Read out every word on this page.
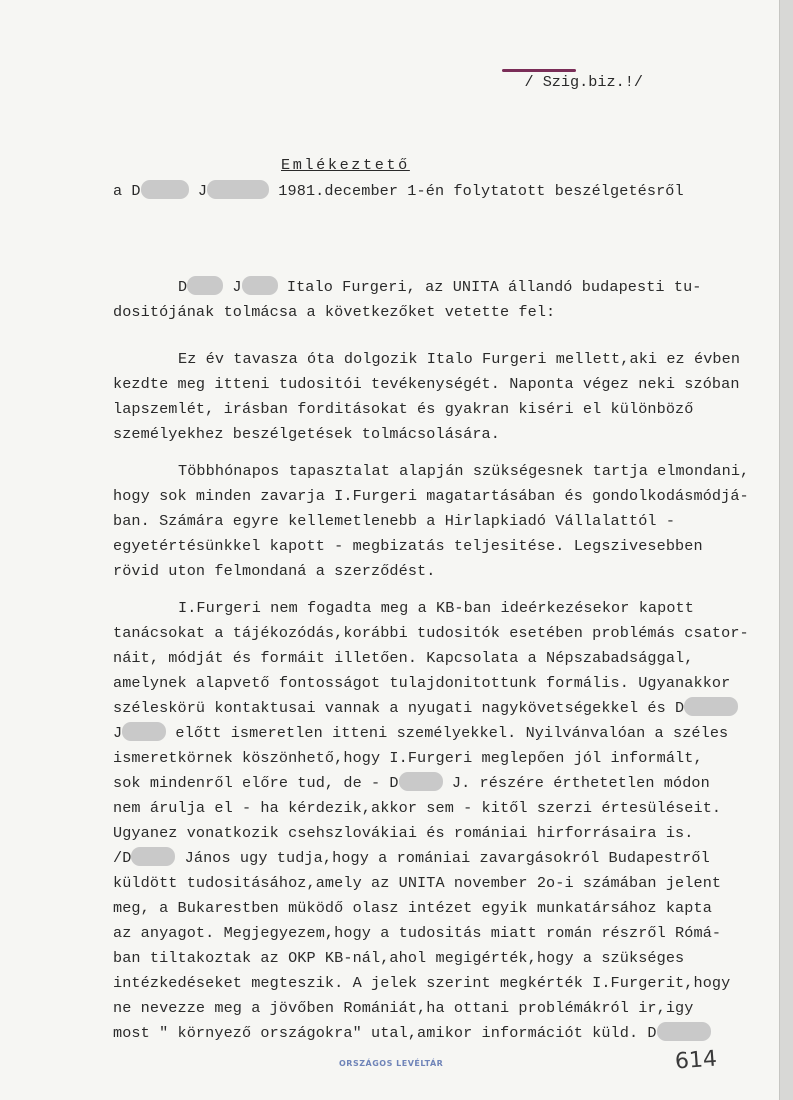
/ Szig.biz.!/

Emlékeztető
a D	J	1981.december 1-én folytatott beszélgetésről
D J Italo Furgeri, az UNITA állandó budapesti tu-
dositójának tolmácsa a következőket vetette fel:
Ez év tavasza óta dolgozik Italo Furgeri mellett,aki ez évben
kezdte meg itteni tudositói tevékenységét. Naponta végez neki szóban
lapszemlét, irásban forditásokat és gyakran kiséri el különböző
személyekhez beszélgetések tolmácsolására.
Többhónapos tapasztalat alapján szükségesnek tartja elmondani,
hogy sok minden zavarja I.Furgeri magatartásában és gondolkodásmódjá-
ban. Számára egyre kellemetlenebb a Hirlapkiadó Vállalattól -
egyetértésünkkel kapott - megbizatás teljesitése. Legszivesebben
rövid uton felmondaná a szerződést.
I.Furgeri nem fogadta meg a KB-ban ideérkezésekor kapott
tanácsokat a tájékozódás,korábbi tudositók esetében problémás csator-
náit, módját és formáit illetően. Kapcsolata a Népszabadsággal,
amelynek alapvető fontosságot tulajdonitottunk formális. Ugyanakkor
széleskörü kontaktusai vannak a nyugati nagykövetségekkel és D
J	előtt ismeretlen itteni személyekkel. Nyilvánvalóan a széles
ismeretkörnek köszönhető,hogy I.Furgeri meglepően jól informált,
sok mindenről előre tud, de - D	J. részére érthetetlen módon
nem árulja el - ha kérdezik,akkor sem - kitől szerzi értesüléseit.
Ugyanez vonatkozik csehszlovákiai és romániai hirforrásaira is.
/D	János ugy tudja,hogy a romániai zavargásokról Budapestről
küldött tudositásához,amely az UNITA november 2o-i számában jelent
meg, a Bukarestben müködő olasz intézet egyik munkatársához kapta
az anyagot. Megjegyezem,hogy a tudositás miatt román részről Rómá-
ban tiltakoztak az OKP KB-nál,ahol megigérték,hogy a szükséges
intézkedéseket megteszik. A jelek szerint megkérték I.Furgerit,hogy
ne nevezze meg a jövőben Romániát,ha ottani problémákról ir,igy
most " környező országokra" utal,amikor információt küld. D
ORSZÁGOS LEVÉLTÁR	614
